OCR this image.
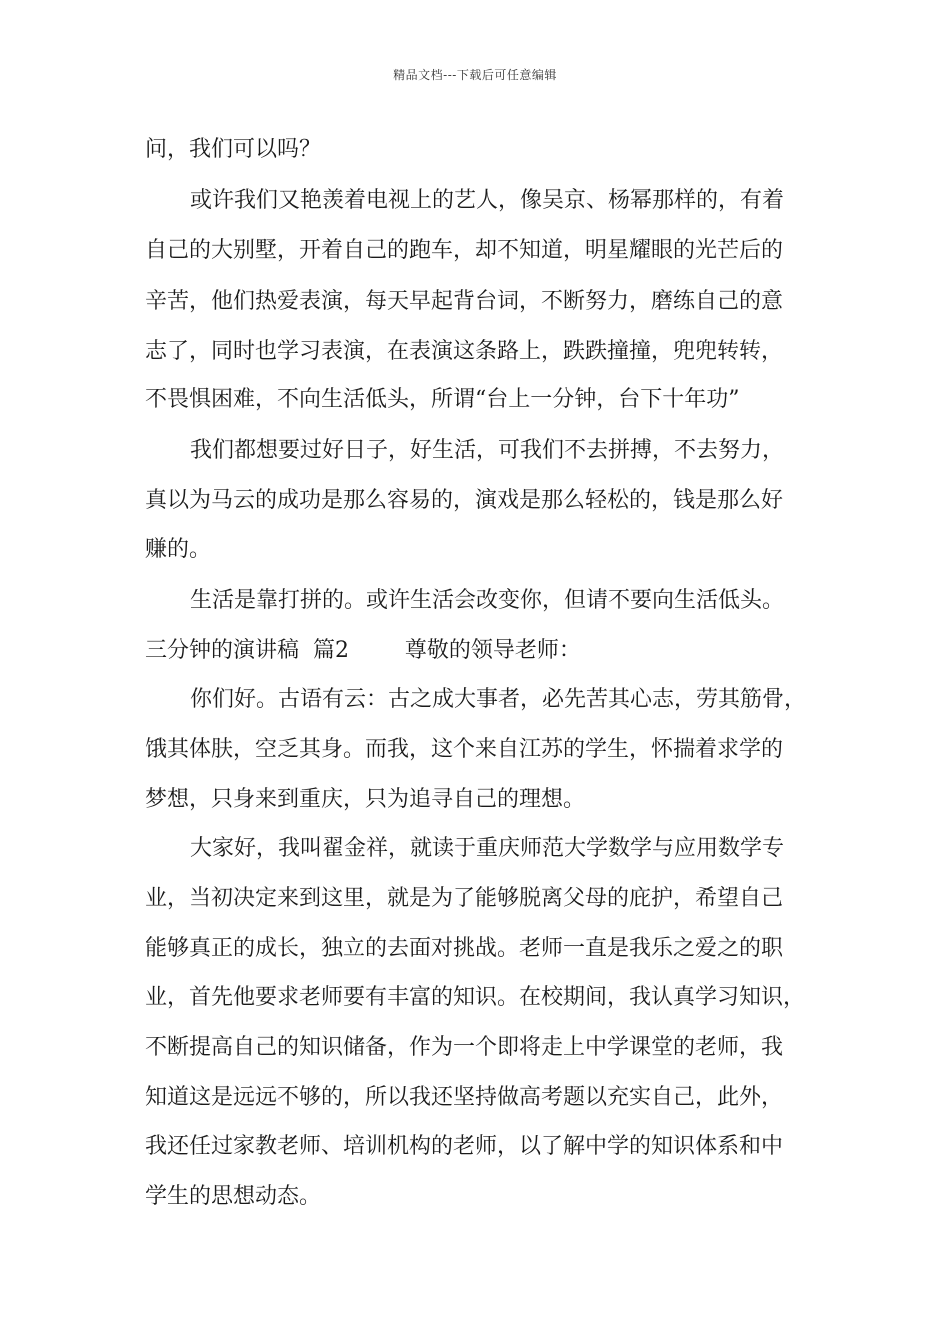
精品文档---下载后可任意编辑
问，我们可以吗？
或许我们又艳羡着电视上的艺人，像吴京、杨幂那样的，有着
自己的大别墅，开着自己的跑车，却不知道，明星耀眼的光芒后的
辛苦，他们热爱表演，每天早起背台词，不断努力，磨练自己的意
志了，同时也学习表演，在表演这条路上，跌跌撞撞，兜兜转转，
不畏惧困难，不向生活低头，所谓“台上一分钟，台下十年功”
我们都想要过好日子，好生活，可我们不去拼搏，不去努力，
真以为马云的成功是那么容易的，演戏是那么轻松的，钱是那么好
赚的。
生活是靠打拼的。或许生活会改变你，但请不要向生活低头。
三分钟的演讲稿  篇2        尊敬的领导老师：
你们好。古语有云：古之成大事者，必先苦其心志，劳其筋骨，
饿其体肤，空乏其身。而我，这个来自江苏的学生，怀揣着求学的
梦想，只身来到重庆，只为追寻自己的理想。
大家好，我叫翟金祥，就读于重庆师范大学数学与应用数学专
业，当初决定来到这里，就是为了能够脱离父母的庇护，希望自己
能够真正的成长，独立的去面对挑战。老师一直是我乐之爱之的职
业，首先他要求老师要有丰富的知识。在校期间，我认真学习知识，
不断提高自己的知识储备，作为一个即将走上中学课堂的老师，我
知道这是远远不够的，所以我还坚持做高考题以充实自己，此外，
我还任过家教老师、培训机构的老师，以了解中学的知识体系和中
学生的思想动态。
